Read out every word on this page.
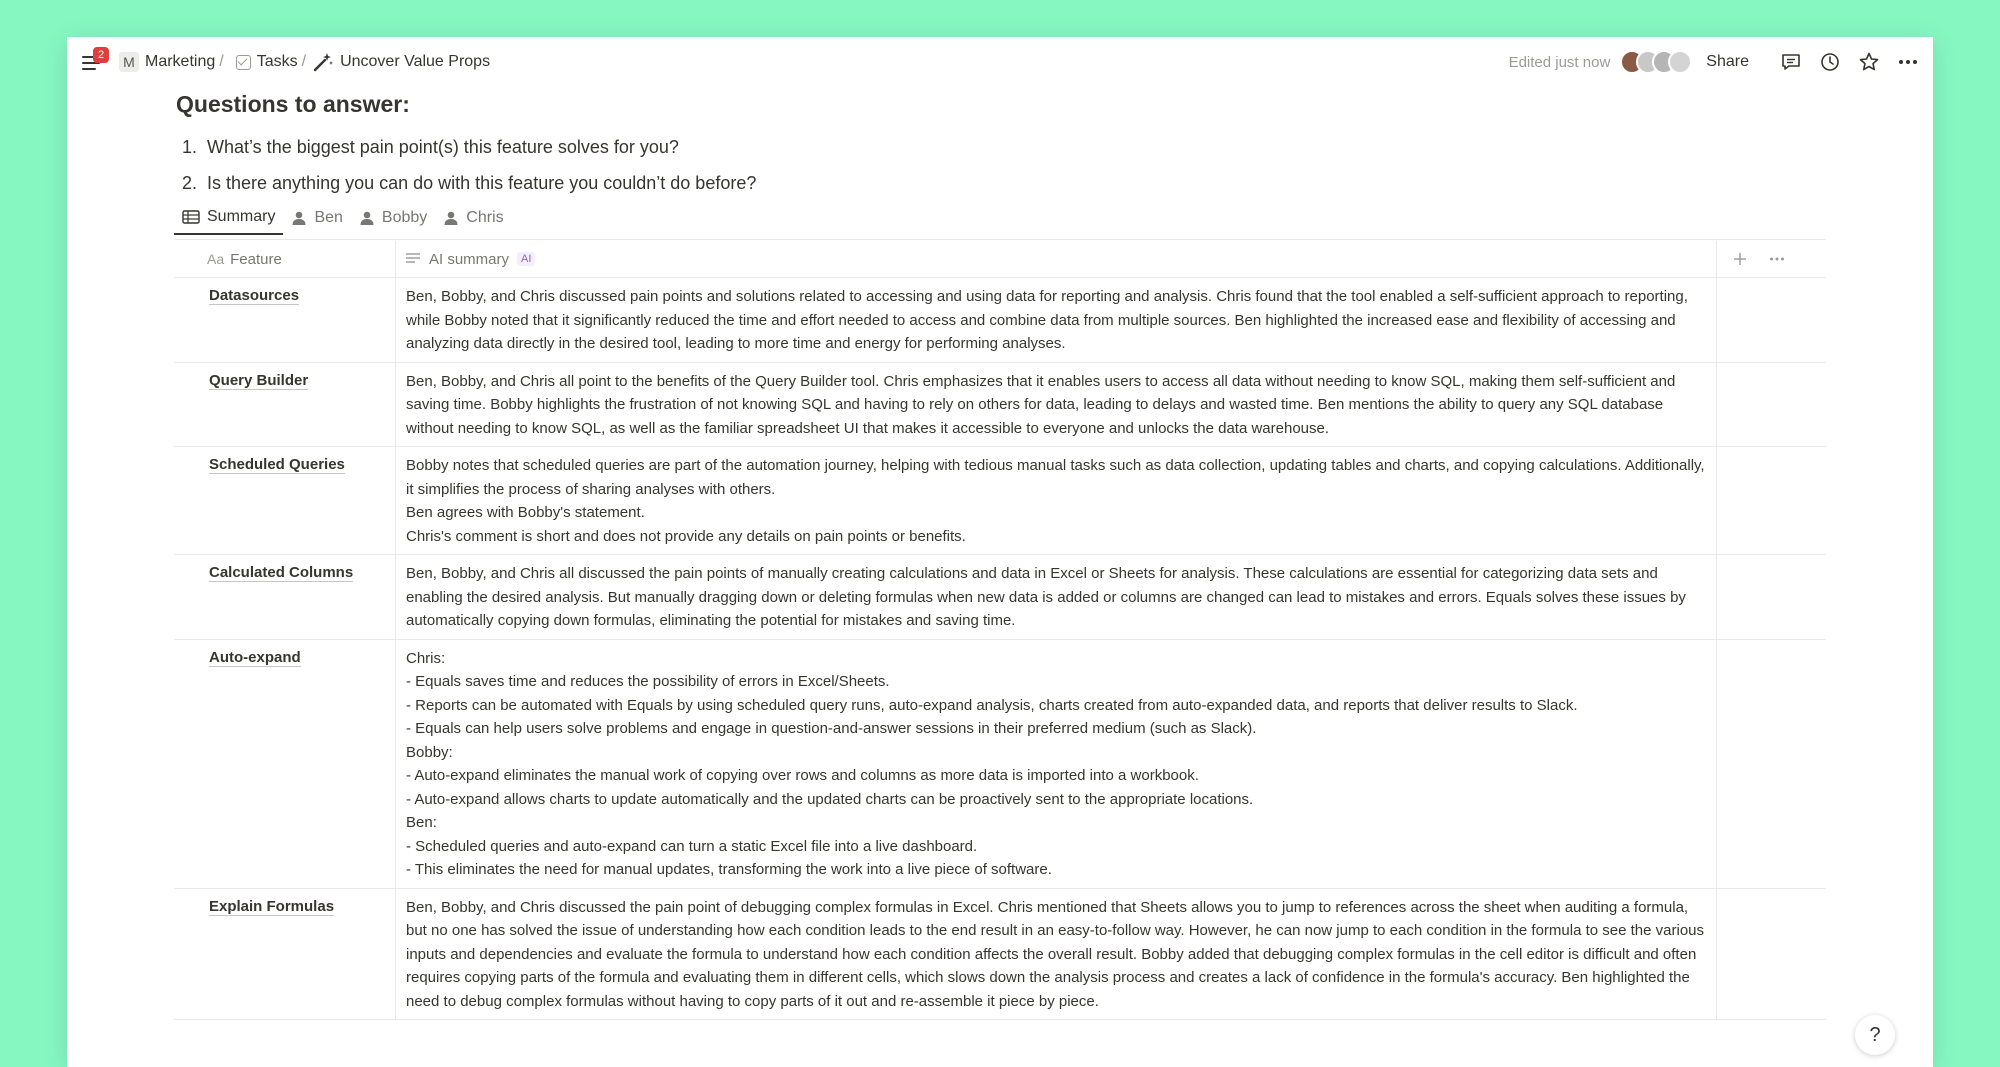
2	M Marketing / Tasks / Uncover Value Props	Edited just now	Share
Questions to answer:
1. What’s the biggest pain point(s) this feature solves for you?
2. Is there anything you can do with this feature you couldn’t do before?
Summary Ben Bobby Chris
Aa Feature	AI summary	AI
Datasources	Ben, Bobby, and Chris discussed pain points and solutions related to accessing and using data for reporting and analysis. Chris found that the tool enabled a self-sufficient approach to reporting, while Bobby noted that it significantly reduced the time and effort needed to access and combine data from multiple sources. Ben highlighted the increased ease and flexibility of accessing and analyzing data directly in the desired tool, leading to more time and energy for performing analyses.
Query Builder	Ben, Bobby, and Chris all point to the benefits of the Query Builder tool. Chris emphasizes that it enables users to access all data without needing to know SQL, making them self-sufficient and saving time. Bobby highlights the frustration of not knowing SQL and having to rely on others for data, leading to delays and wasted time. Ben mentions the ability to query any SQL database without needing to know SQL, as well as the familiar spreadsheet UI that makes it accessible to everyone and unlocks the data warehouse.
Scheduled Queries	Bobby notes that scheduled queries are part of the automation journey, helping with tedious manual tasks such as data collection, updating tables and charts, and copying calculations. Additionally, it simplifies the process of sharing analyses with others.
Ben agrees with Bobby's statement.
Chris's comment is short and does not provide any details on pain points or benefits.
Calculated Columns	Ben, Bobby, and Chris all discussed the pain points of manually creating calculations and data in Excel or Sheets for analysis. These calculations are essential for categorizing data sets and enabling the desired analysis. But manually dragging down or deleting formulas when new data is added or columns are changed can lead to mistakes and errors. Equals solves these issues by automatically copying down formulas, eliminating the potential for mistakes and saving time.
Auto-expand	Chris:
- Equals saves time and reduces the possibility of errors in Excel/Sheets.
- Reports can be automated with Equals by using scheduled query runs, auto-expand analysis, charts created from auto-expanded data, and reports that deliver results to Slack.
- Equals can help users solve problems and engage in question-and-answer sessions in their preferred medium (such as Slack).
Bobby:
- Auto-expand eliminates the manual work of copying over rows and columns as more data is imported into a workbook.
- Auto-expand allows charts to update automatically and the updated charts can be proactively sent to the appropriate locations.
Ben:
- Scheduled queries and auto-expand can turn a static Excel file into a live dashboard.
- This eliminates the need for manual updates, transforming the work into a live piece of software.
Explain Formulas	Ben, Bobby, and Chris discussed the pain point of debugging complex formulas in Excel. Chris mentioned that Sheets allows you to jump to references across the sheet when auditing a formula, but no one has solved the issue of understanding how each condition leads to the end result in an easy-to-follow way. However, he can now jump to each condition in the formula to see the various inputs and dependencies and evaluate the formula to understand how each condition affects the overall result. Bobby added that debugging complex formulas in the cell editor is difficult and often requires copying parts of the formula and evaluating them in different cells, which slows down the analysis process and creates a lack of confidence in the formula's accuracy. Ben highlighted the need to debug complex formulas without having to copy parts of it out and re-assemble it piece by piece.
?
